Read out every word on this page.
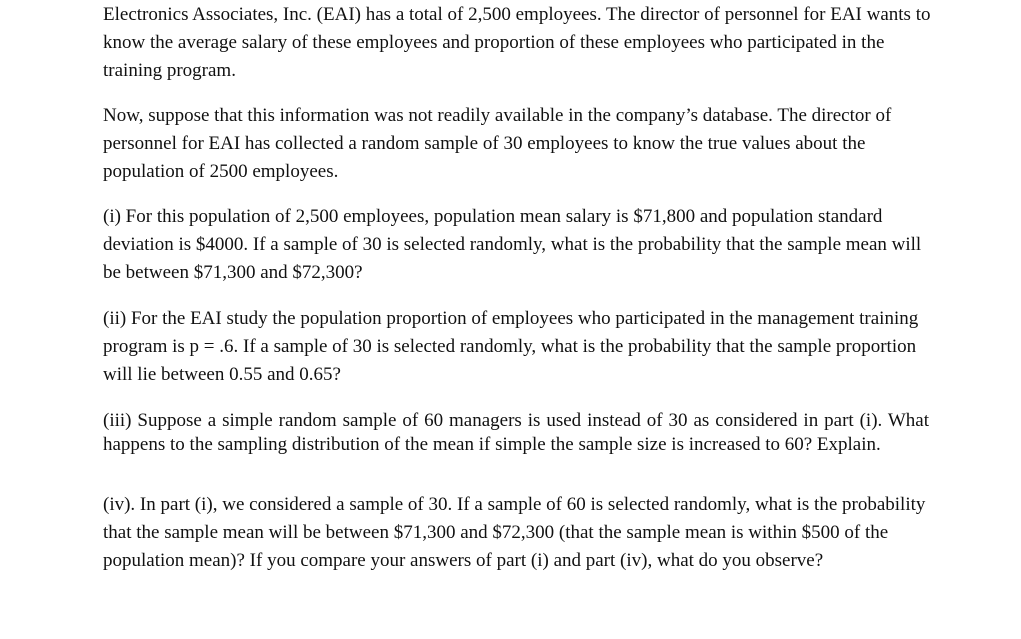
Electronics Associates, Inc. (EAI) has a total of 2,500 employees. The director of personnel for EAI wants to know the average salary of these employees and proportion of these employees who participated in the training program.

Now, suppose that this information was not readily available in the company’s database. The director of personnel for EAI has collected a random sample of 30 employees to know the true values about the population of 2500 employees.

(i) For this population of 2,500 employees, population mean salary is $71,800 and population standard deviation is $4000. If a sample of 30 is selected randomly, what is the probability that the sample mean will be between $71,300 and $72,300?

(ii) For the EAI study the population proportion of employees who participated in the management training program is p = .6. If a sample of 30 is selected randomly, what is the probability that the sample proportion will lie between 0.55 and 0.65?

(iii) Suppose a simple random sample of 60 managers is used instead of 30 as considered in part (i). What happens to the sampling distribution of the mean if simple the sample size is increased to 60? Explain.

(iv). In part (i), we considered a sample of 30. If a sample of 60 is selected randomly, what is the probability that the sample mean will be between $71,300 and $72,300 (that the sample mean is within $500 of the population mean)? If you compare your answers of part (i) and part (iv), what do you observe?
